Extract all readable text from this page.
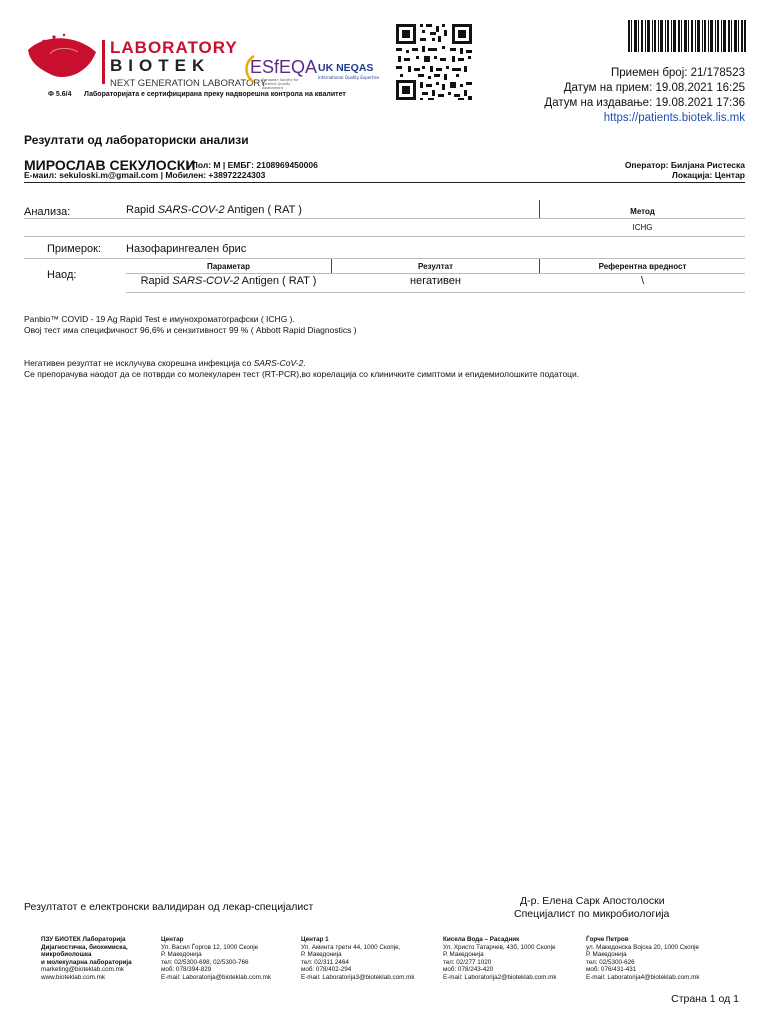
LABORATORY
BIOTEK
NEXT GENERATION LABORATORY
ESfEQA
European Society for External Quality Assessment
UK NEQAS
International Quality Expertise
Ф 5.6/4 Лабораторијата е сертифицирана преку надворешна контрола на квалитет
Приемен број: 21/178523
Датум на прием: 19.08.2021 16:25
Датум на издавање: 19.08.2021 17:36
https://patients.biotek.lis.mk
Резултати од лабораториски анализи
МИРОСЛАВ СЕКУЛОСКИ
| Пол: М | ЕМБГ: 2108969450006
Е-маил: sekuloski.m@gmail.com | Мобилен: +38972224303
Оператор: Билјана Ристеска
Локација: Центар
Анализа:	Rapid SARS-COV-2 Antigen ( RAT )	Метод
ICHG
Примерок: Назофарингеален брис
Наод:
Параметар	Резултат	Референтна вредност
Rapid SARS-COV-2 Antigen ( RAT )	негативен	\
Panbio™ COVID - 19 Ag Rapid Test е имунохроматографски ( ICHG ).
Овој тест има специфичност 96,6% и сензитивност 99 % ( Abbott Rapid Diagnostics )
Негативен резултат не исклучува скорешна инфекција со SARS-CoV-2.
Се препорачува наодот да се потврди со молекуларен тест (RT-PCR),во корелација со клиничките симптоми и епидемиолошките податоци.
Резултатот е електронски валидиран од лекар-специјалист	Д-р. Елена Сарк Апостолоски
Специјалист по микробиологија
ПЗУ БИОТЕК Лабораторија
Дијагностичка, биохемиска,
микробиолошка
и молекуларна лабораторија
marketing@bioteklab.com.mk
www.bioteklab.com.mk
Центар
Ул. Васил Ѓоргов 12, 1000 Скопје
Р. Македонија
тел: 02/5300-698, 02/5300-766
моб: 078/394-829
E-mail: Laboratorija@bioteklab.com.mk
Центар 1
Ул. Аминта трети 44, 1000 Скопје,
Р. Македонија
тел: 02/311 2464
моб: 078/402-294
E-mail: Laboratorija3@bioteklab.com.mk
Кисела Вода – Расадник
Ул. Христо Татарчев, 43б, 1000 Скопје
Р. Македонија
тел: 02/277 1020
моб: 078/243-420
E-mail: Laboratorija2@bioteklab.com.mk
Ѓорче Петров
ул. Македонска Војска 20, 1000 Скопје
Р. Македонија
тел: 02/5300-626
моб: 076/431-431
E-mail: Laboratorija4@bioteklab.com.mk
Страна 1 од 1
